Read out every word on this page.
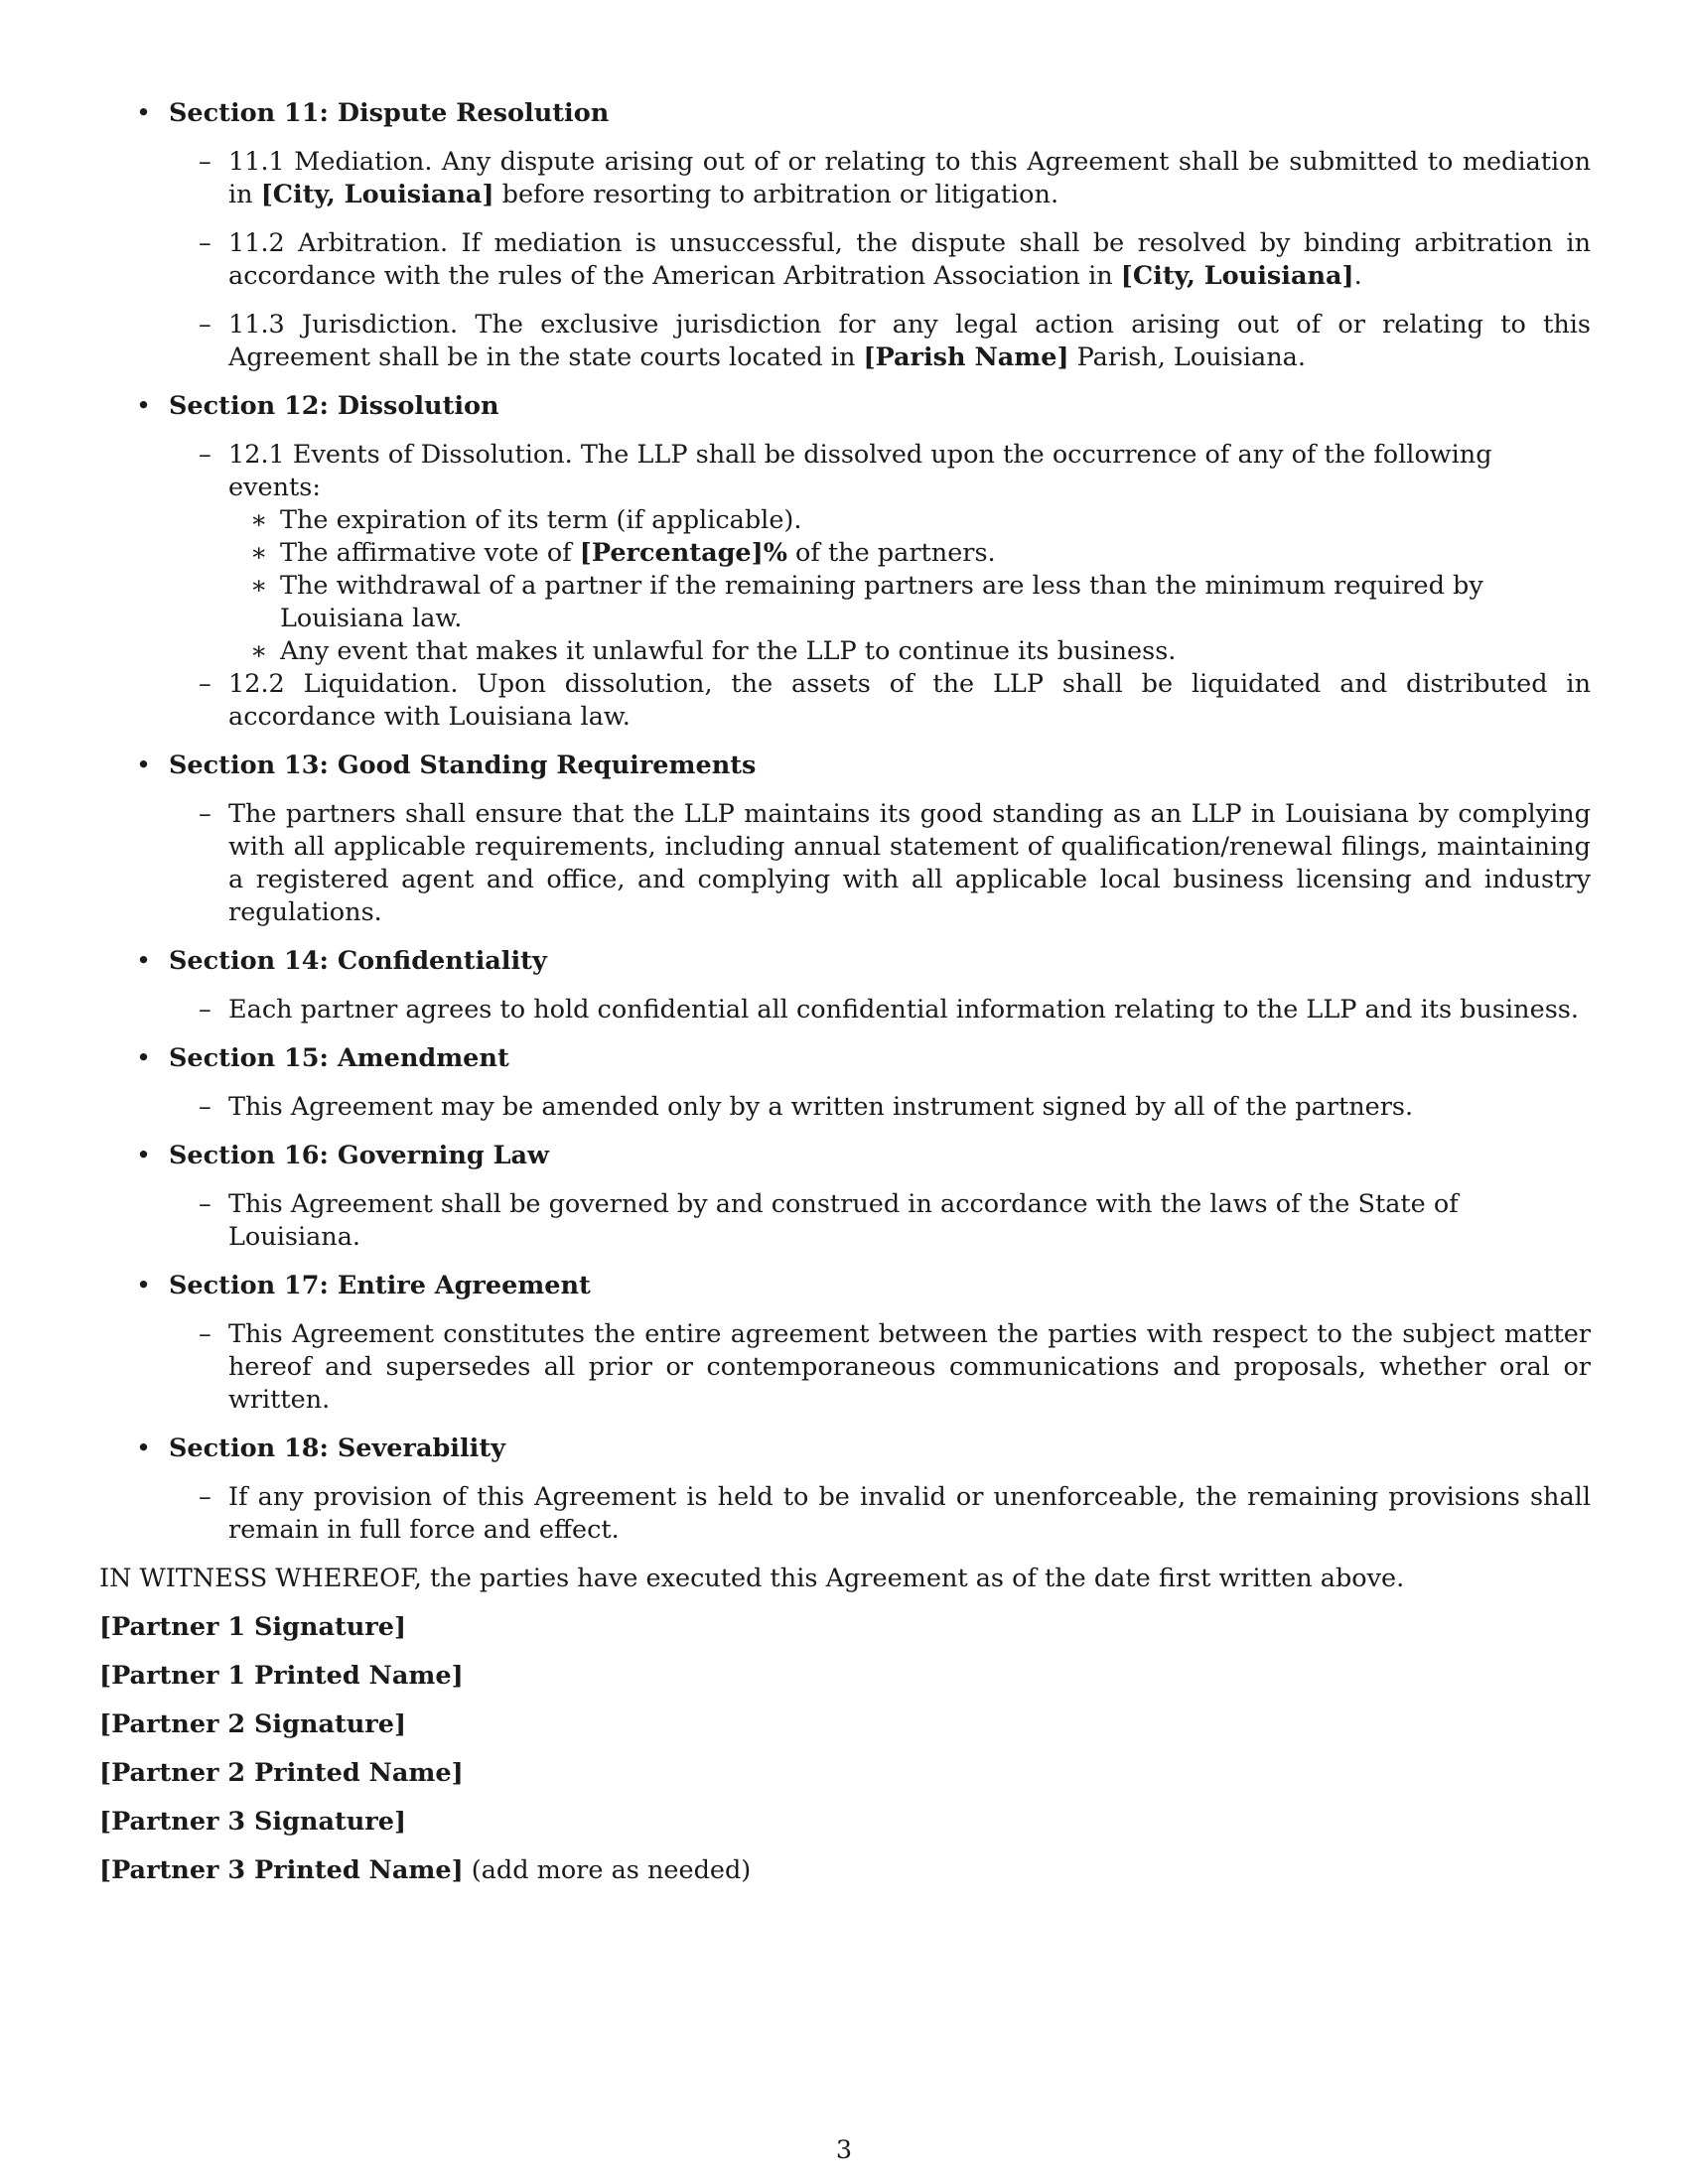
• Section 11: Dispute Resolution
– 11.1 Mediation. Any dispute arising out of or relating to this Agreement shall be submitted to mediation in [City, Louisiana] before resorting to arbitration or litigation.
– 11.2 Arbitration. If mediation is unsuccessful, the dispute shall be resolved by binding arbitration in accordance with the rules of the American Arbitration Association in [City, Louisiana].
– 11.3 Jurisdiction. The exclusive jurisdiction for any legal action arising out of or relating to this Agreement shall be in the state courts located in [Parish Name] Parish, Louisiana.
• Section 12: Dissolution
– 12.1 Events of Dissolution. The LLP shall be dissolved upon the occurrence of any of the following events:
∗ The expiration of its term (if applicable).
∗ The affirmative vote of [Percentage]% of the partners.
∗ The withdrawal of a partner if the remaining partners are less than the minimum required by Louisiana law.
∗ Any event that makes it unlawful for the LLP to continue its business.
– 12.2 Liquidation. Upon dissolution, the assets of the LLP shall be liquidated and distributed in accordance with Louisiana law.
• Section 13: Good Standing Requirements
– The partners shall ensure that the LLP maintains its good standing as an LLP in Louisiana by complying with all applicable requirements, including annual statement of qualification/renewal filings, maintaining a registered agent and office, and complying with all applicable local business licensing and industry regulations.
• Section 14: Confidentiality
– Each partner agrees to hold confidential all confidential information relating to the LLP and its business.
• Section 15: Amendment
– This Agreement may be amended only by a written instrument signed by all of the partners.
• Section 16: Governing Law
– This Agreement shall be governed by and construed in accordance with the laws of the State of Louisiana.
• Section 17: Entire Agreement
– This Agreement constitutes the entire agreement between the parties with respect to the subject matter hereof and supersedes all prior or contemporaneous communications and proposals, whether oral or written.
• Section 18: Severability
– If any provision of this Agreement is held to be invalid or unenforceable, the remaining provisions shall remain in full force and effect.

IN WITNESS WHEREOF, the parties have executed this Agreement as of the date first written above.

[Partner 1 Signature]
[Partner 1 Printed Name]
[Partner 2 Signature]
[Partner 2 Printed Name]
[Partner 3 Signature]
[Partner 3 Printed Name] (add more as needed)
3
